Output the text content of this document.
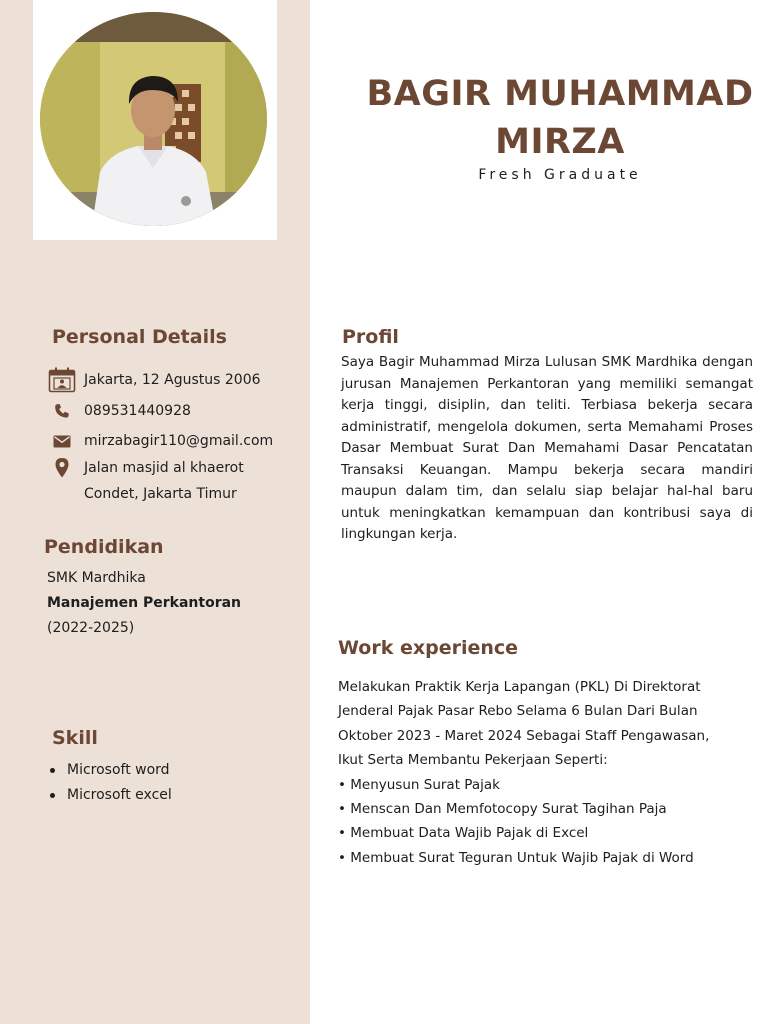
BAGIR MUHAMMAD
MIRZA
Fresh Graduate
Personal Details
Jakarta, 12 Agustus 2006
089531440928
mirzabagir110@gmail.com
Jalan masjid al khaerot
Condet, Jakarta Timur
Pendidikan
SMK Mardhika
Manajemen Perkantoran
(2022-2025)
Skill
Microsoft word
Microsoft excel
Profil
Saya Bagir Muhammad Mirza Lulusan SMK Mardhika dengan jurusan Manajemen Perkantoran yang memiliki semangat kerja tinggi, disiplin, dan teliti. Terbiasa bekerja secara administratif, mengelola dokumen, serta Memahami Proses Dasar Membuat Surat Dan Memahami Dasar Pencatatan Transaksi Keuangan. Mampu bekerja secara mandiri maupun dalam tim, dan selalu siap belajar hal-hal baru untuk meningkatkan kemampuan dan kontribusi saya di lingkungan kerja.
Work experience
Melakukan Praktik Kerja Lapangan (PKL) Di Direktorat
Jenderal Pajak Pasar Rebo Selama 6 Bulan Dari Bulan
Oktober 2023 - Maret 2024 Sebagai Staff Pengawasan,
Ikut Serta Membantu Pekerjaan Seperti:
• Menyusun Surat Pajak
• Menscan Dan Memfotocopy Surat Tagihan Paja
• Membuat Data Wajib Pajak di Excel
• Membuat Surat Teguran Untuk Wajib Pajak di Word
